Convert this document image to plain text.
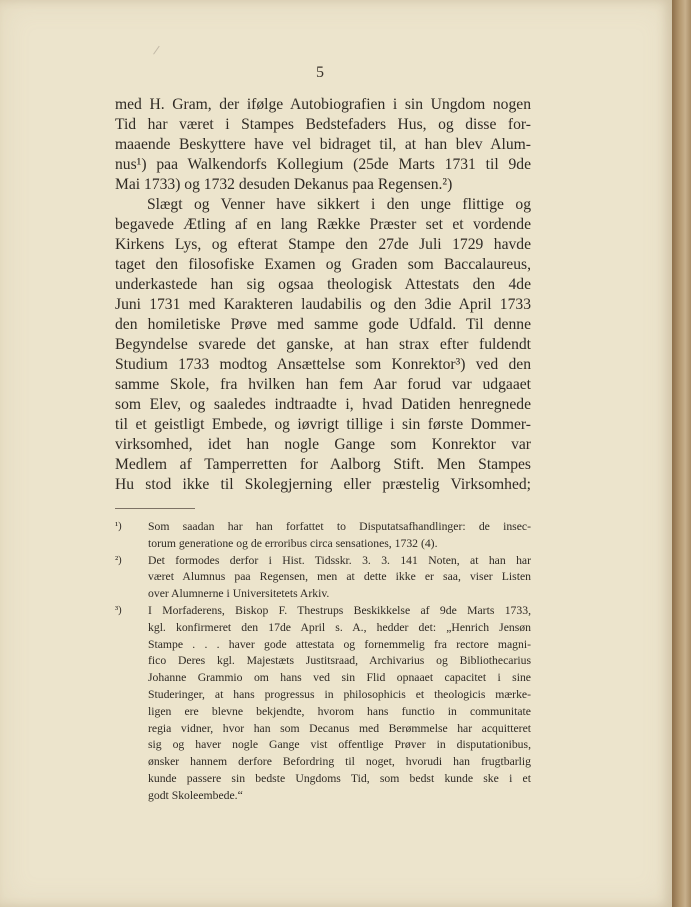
5
med H. Gram, der ifølge Autobiografien i sin Ungdom nogen
Tid har været i Stampes Bedstefaders Hus, og disse for-
maaende Beskyttere have vel bidraget til, at han blev Alum-
nus¹) paa Walkendorfs Kollegium (25de Marts 1731 til 9de
Mai 1733) og 1732 desuden Dekanus paa Regensen.²)
Slægt og Venner have sikkert i den unge flittige og
begavede Ætling af en lang Række Præster set et vordende
Kirkens Lys, og efterat Stampe den 27de Juli 1729 havde
taget den filosofiske Examen og Graden som Baccalaureus,
underkastede han sig ogsaa theologisk Attestats den 4de
Juni 1731 med Karakteren laudabilis og den 3die April 1733
den homiletiske Prøve med samme gode Udfald. Til denne
Begyndelse svarede det ganske, at han strax efter fuldendt
Studium 1733 modtog Ansættelse som Konrektor³) ved den
samme Skole, fra hvilken han fem Aar forud var udgaaet
som Elev, og saaledes indtraadte i, hvad Datiden henregnede
til et geistligt Embede, og iøvrigt tillige i sin første Dommer-
virksomhed, idet han nogle Gange som Konrektor var
Medlem af Tamperretten for Aalborg Stift. Men Stampes
Hu stod ikke til Skolegjerning eller præstelig Virksomhed;
¹)	Som saadan har han forfattet to Disputatsafhandlinger: de insec-
torum generatione og de erroribus circa sensationes, 1732 (4).
²)	Det formodes derfor i Hist. Tidsskr. 3. 3. 141 Noten, at han har
været Alumnus paa Regensen, men at dette ikke er saa, viser Listen
over Alumnerne i Universitetets Arkiv.
³)	I Morfaderens, Biskop F. Thestrups Beskikkelse af 9de Marts 1733,
kgl. konfirmeret den 17de April s. A., hedder det: „Henrich Jensøn
Stampe . . . haver gode attestata og fornemmelig fra rectore magni-
fico Deres kgl. Majestæts Justitsraad, Archivarius og Bibliothecarius
Johanne Grammio om hans ved sin Flid opnaaet capacitet i sine
Studeringer, at hans progressus in philosophicis et theologicis mærke-
ligen ere blevne bekjendte, hvorom hans functio in communitate
regia vidner, hvor han som Decanus med Berømmelse har acquitteret
sig og haver nogle Gange vist offentlige Prøver in disputationibus,
ønsker hannem derfore Befordring til noget, hvorudi han frugtbarlig
kunde passere sin bedste Ungdoms Tid, som bedst kunde ske i et
godt Skoleembede.“
